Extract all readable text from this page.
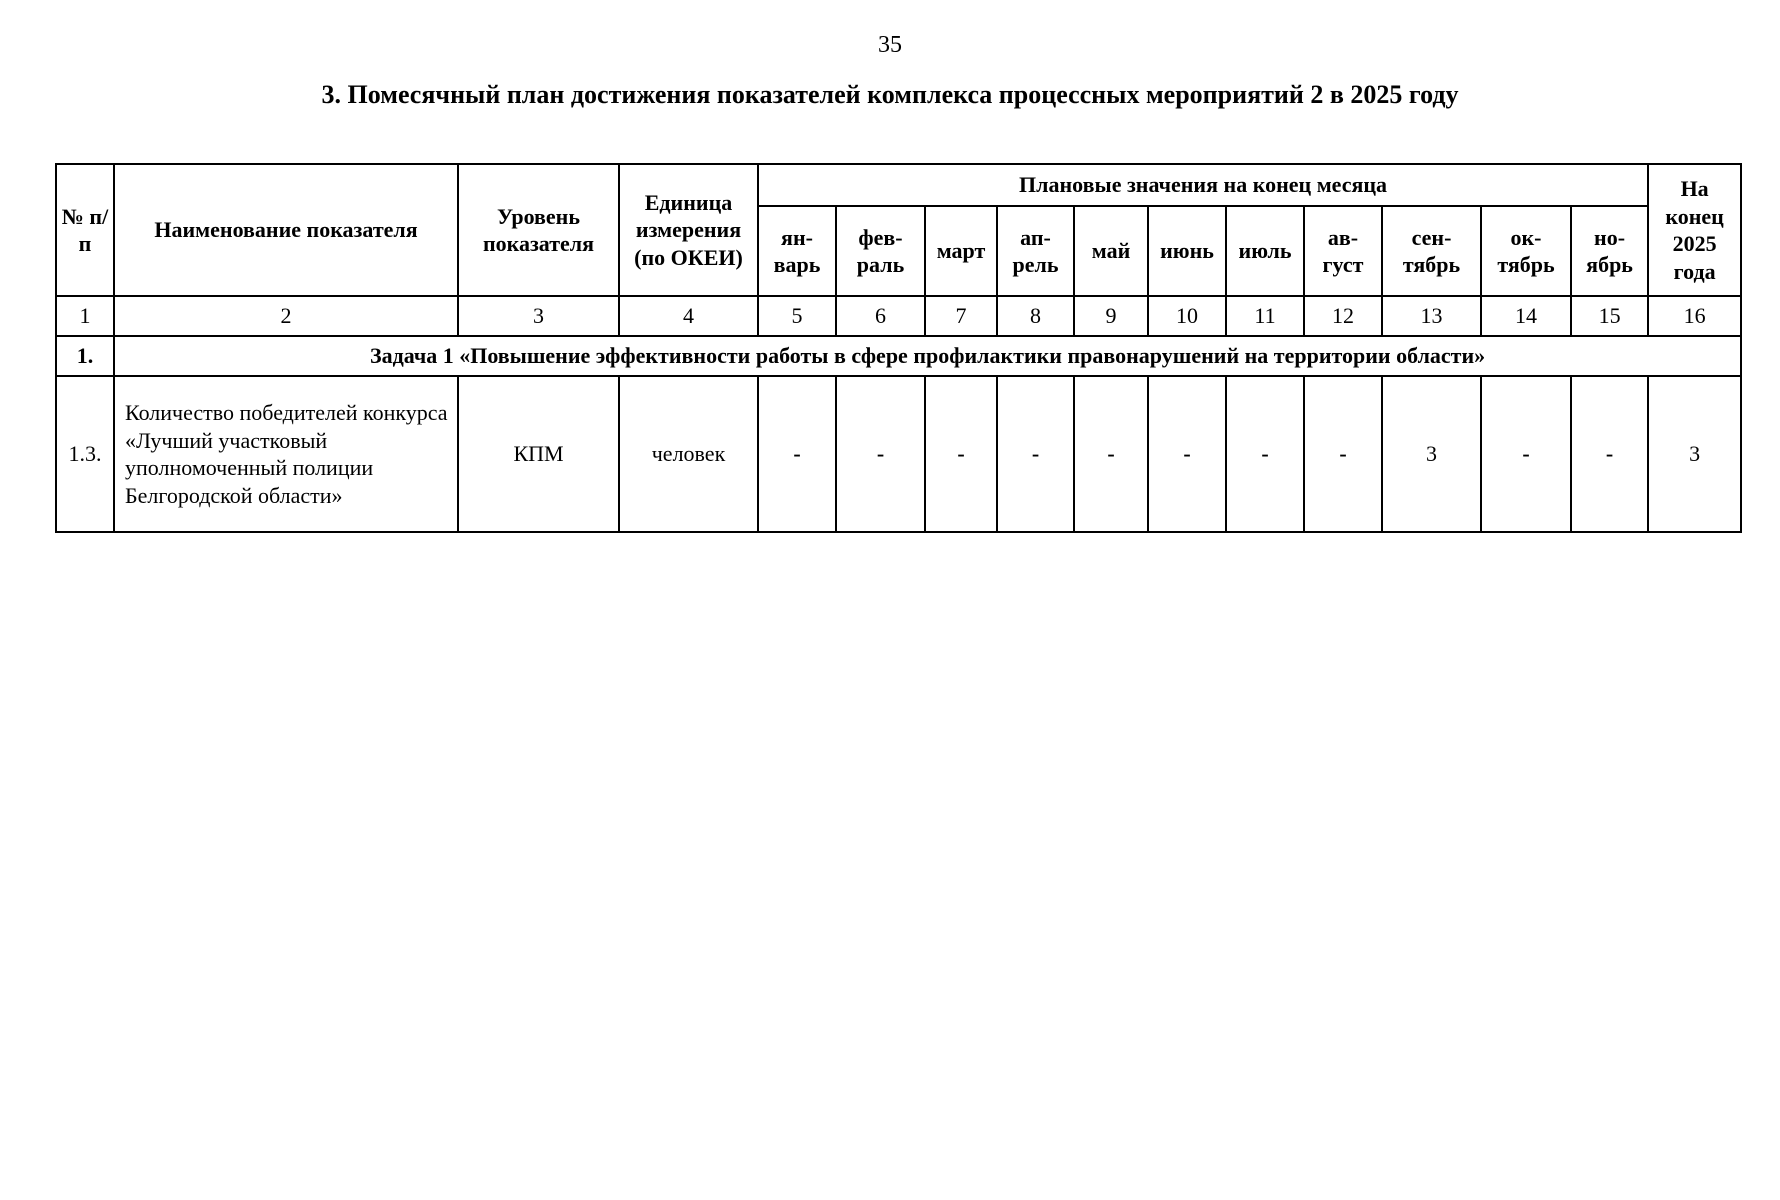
35
3. Помесячный план достижения показателей комплекса процессных мероприятий 2 в 2025 году
№ п/п	Наименование показателя	Уровень показателя	Единица измерения (по ОКЕИ)	Плановые значения на конец месяца											На конец 2025 года
				ян-варь	фев-раль	март	ап-рель	май	июнь	июль	ав-густ	сен-тябрь	ок-тябрь	но-ябрь	
1	2	3	4	5	6	7	8	9	10	11	12	13	14	15	16
1.	Задача 1 «Повышение эффективности работы в сфере профилактики правонарушений на территории области»														
1.3.	Количество победителей конкурса «Лучший участковый уполномоченный полиции Белгородской области»	КПМ	человек	-	-	-	-	-	-	-	-	3	-	-	3
